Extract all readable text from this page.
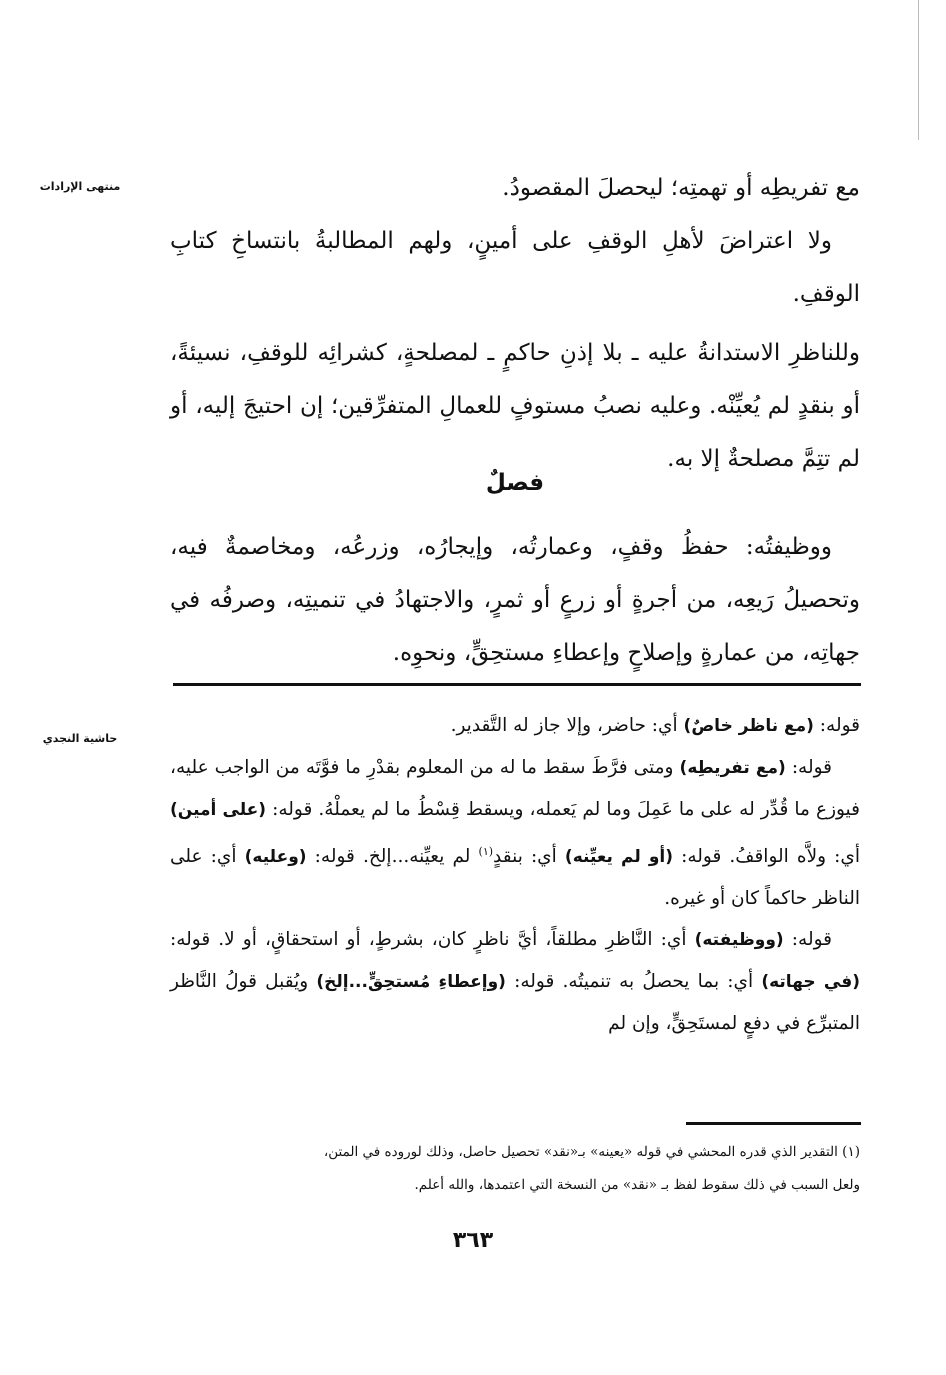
منتهى الإرادات
حاشية النجدي

مع تفريطِه أو تهمتِه؛ ليحصلَ المقصودُ.

ولا اعتراضَ لأهلِ الوقفِ على أمينٍ، ولهم المطالبةُ بانتساخِ كتابِ الوقفِ.

وللناظرِ الاستدانةُ عليه ـ بلا إذنِ حاكمٍ ـ لمصلحةٍ، كشرائِه للوقفِ، نسيئةً، أو بنقدٍ لم يُعيِّنْه. وعليه نصبُ مستوفٍ للعمالِ المتفرِّقين؛ إن احتيجَ إليه، أو لم تتِمَّ مصلحةٌ إلا به.

فصلٌ

ووظيفتُه: حفظُ وقفٍ، وعمارتُه، وإيجارُه، وزرعُه، ومخاصمةٌ فيه، وتحصيلُ رَيعِه، من أجرةٍ أو زرعٍ أو ثمرٍ، والاجتهادُ في تنميتِه، وصرفُه في جهاتِه، من عمارةٍ وإصلاحٍ وإعطاءِ مستحِقٍّ، ونحوِه.

قوله: (مع ناظر خاصٌ) أي: حاضر، وإلا جاز له التَّقدير.

قوله: (مع تفريطِه) ومتى فرَّطَ سقط ما له من المعلوم بقدْرِ ما فوَّتَه من الواجب عليه، فيوزع ما قُدِّر له على ما عَمِلَ وما لم يَعمله، ويسقط قِسْطُ ما لم يعملْهُ. قوله: (على أمين) أي: ولاَّه الواقفُ. قوله: (أو لم يعيِّنه) أي: بنقدٍ$^{(١)}$ لم يعيِّنه...إلخ. قوله: (وعليه) أي: على الناظر حاكماً كان أو غيره.

قوله: (ووظيفته) أي: النَّاظرِ مطلقاً، أيَّ ناظرٍ كان، بشرطٍ، أو استحقاقٍ، أو لا. قوله: (في جهاته) أي: بما يحصلُ به تنميتُه. قوله: (وإعطاءِ مُستحِقٍّ...إلخ) ويُقبل قولُ النَّاظر المتبرِّع في دفعٍ لمستَحِقٍّ، وإن لم

(١) التقدير الذي قدره المحشي في قوله «يعينه» بـ«نقد» تحصيل حاصل، وذلك لوروده في المتن،

ولعل السبب في ذلك سقوط لفظ بـ «نقد» من النسخة التي اعتمدها، والله أعلم.

٣٦٣
